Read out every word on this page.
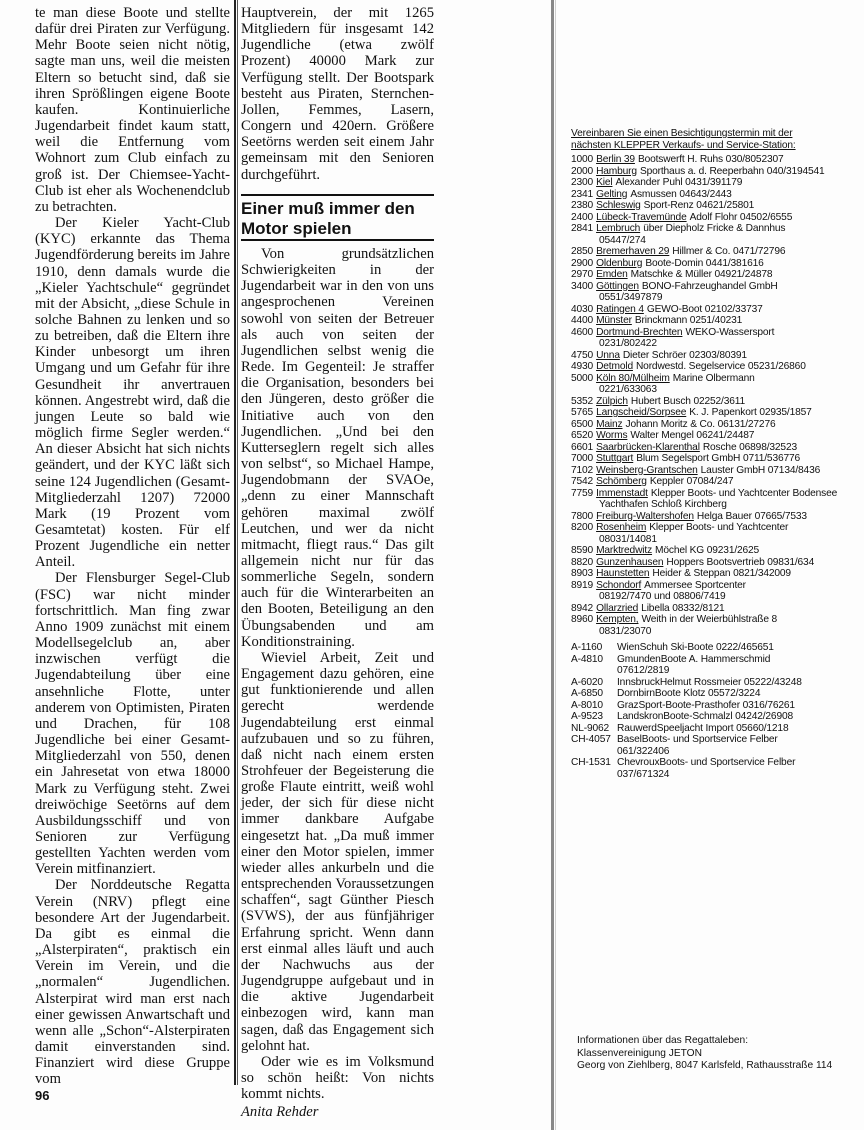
te man diese Boote und stellte dafür drei Piraten zur Verfügung. Mehr Boote seien nicht nötig, sagte man uns, weil die meisten Eltern so betucht sind, daß sie ihren Sprößlingen eigene Boote kaufen. Kontinuierliche Jugendarbeit findet kaum statt, weil die Entfernung vom Wohnort zum Club einfach zu groß ist. Der Chiemsee-Yacht-Club ist eher als Wochenendclub zu betrachten.

Der Kieler Yacht-Club (KYC) erkannte das Thema Jugendförderung bereits im Jahre 1910, denn damals wurde die „Kieler Yachtschule“ gegründet mit der Absicht, „diese Schule in solche Bahnen zu lenken und so zu betreiben, daß die Eltern ihre Kinder unbesorgt um ihren Umgang und um Gefahr für ihre Gesundheit ihr anvertrauen können. Angestrebt wird, daß die jungen Leute so bald wie möglich firme Segler werden.“ An dieser Absicht hat sich nichts geändert, und der KYC läßt sich seine 124 Jugendlichen (Gesamt-Mitgliederzahl 1207) 72000 Mark (19 Prozent vom Gesamtetat) kosten. Für elf Prozent Jugendliche ein netter Anteil.

Der Flensburger Segel-Club (FSC) war nicht minder fortschrittlich. Man fing zwar Anno 1909 zunächst mit einem Modellsegelclub an, aber inzwischen verfügt die Jugendabteilung über eine ansehnliche Flotte, unter anderem von Optimisten, Piraten und Drachen, für 108 Jugendliche bei einer Gesamt-Mitgliederzahl von 550, denen ein Jahresetat von etwa 18000 Mark zu Verfügung steht. Zwei dreiwöchige Seetörns auf dem Ausbildungsschiff und von Senioren zur Verfügung gestellten Yachten werden vom Verein mitfinanziert.

Der Norddeutsche Regatta Verein (NRV) pflegt eine besondere Art der Jugendarbeit. Da gibt es einmal die „Alsterpiraten“, praktisch ein Verein im Verein, und die „normalen“ Jugendlichen. Alsterpirat wird man erst nach einer gewissen Anwartschaft und wenn alle „Schon“-Alsterpiraten damit einverstanden sind. Finanziert wird diese Gruppe vom

Hauptverein, der mit 1265 Mitgliedern für insgesamt 142 Jugendliche (etwa zwölf Prozent) 40000 Mark zur Verfügung stellt. Der Bootspark besteht aus Piraten, Sternchen-Jollen, Femmes, Lasern, Congern und 420ern. Größere Seetörns werden seit einem Jahr gemeinsam mit den Senioren durchgeführt.

Einer muß immer den Motor spielen

Von grundsätzlichen Schwierigkeiten in der Jugendarbeit war in den von uns angesprochenen Vereinen sowohl von seiten der Betreuer als auch von seiten der Jugendlichen selbst wenig die Rede. Im Gegenteil: Je straffer die Organisation, besonders bei den Jüngeren, desto größer die Initiative auch von den Jugendlichen. „Und bei den Kutterseglern regelt sich alles von selbst“, so Michael Hampe, Jugendobmann der SVAOe, „denn zu einer Mannschaft gehören maximal zwölf Leutchen, und wer da nicht mitmacht, fliegt raus.“ Das gilt allgemein nicht nur für das sommerliche Segeln, sondern auch für die Winterarbeiten an den Booten, Beteiligung an den Übungsabenden und am Konditionstraining.

Wieviel Arbeit, Zeit und Engagement dazu gehören, eine gut funktionierende und allen gerecht werdende Jugendabteilung erst einmal aufzubauen und so zu führen, daß nicht nach einem ersten Strohfeuer der Begeisterung die große Flaute eintritt, weiß wohl jeder, der sich für diese nicht immer dankbare Aufgabe eingesetzt hat. „Da muß immer einer den Motor spielen, immer wieder alles ankurbeln und die entsprechenden Voraussetzungen schaffen“, sagt Günther Piesch (SVWS), der aus fünfjähriger Erfahrung spricht. Wenn dann erst einmal alles läuft und auch der Nachwuchs aus der Jugendgruppe aufgebaut und in die aktive Jugendarbeit einbezogen wird, kann man sagen, daß das Engagement sich gelohnt hat.

Oder wie es im Volksmund so schön heißt: Von nichts kommt nichts.

Anita Rehder

96
Vereinbaren Sie einen Besichtigungstermin mit der
nächsten KLEPPER Verkaufs- und Service-Station:
1000 Berlin 39 Bootswerft H. Ruhs 030/8052307
2000 Hamburg Sporthaus a. d. Reeperbahn 040/3194541
2300 Kiel Alexander Puhl 0431/391179
2341 Gelting Asmussen 04643/2443
2380 Schleswig Sport-Renz 04621/25801
2400 Lübeck-Travemünde Adolf Flohr 04502/6555
2841 Lembruch über Diepholz Fricke & Dannhus
05447/274
2850 Bremerhaven 29 Hillmer & Co. 0471/72796
2900 Oldenburg Boote-Domin 0441/381616
2970 Emden Matschke & Müller 04921/24878
3400 Göttingen BONO-Fahrzeughandel GmbH
0551/3497879
4030 Ratingen 4 GEWO-Boot 02102/33737
4400 Münster Brinckmann 0251/40231
4600 Dortmund-Brechten WEKO-Wassersport
0231/802422
4750 Unna Dieter Schröer 02303/80391
4930 Detmold Nordwestd. Segelservice 05231/26860
5000 Köln 80/Mülheim Marine Olbermann
0221/633063
5352 Zülpich Hubert Busch 02252/3611
5765 Langscheid/Sorpsee K. J. Papenkort 02935/1857
6500 Mainz Johann Moritz & Co. 06131/27276
6520 Worms Walter Mengel 06241/24487
6601 Saarbrücken-Klarenthal Rosche 06898/32523
7000 Stuttgart Blum Segelsport GmbH 0711/536776
7102 Weinsberg-Grantschen Lauster GmbH 07134/8436
7542 Schömberg Keppler 07084/247
7759 Immenstadt Klepper Boots- und Yachtcenter Bodensee
Yachthafen Schloß Kirchberg
7800 Freiburg-Waltershofen Helga Bauer 07665/7533
8200 Rosenheim Klepper Boots- und Yachtcenter
08031/14081
8590 Marktredwitz Möchel KG 09231/2625
8820 Gunzenhausen Hoppers Bootsvertrieb 09831/634
8903 Haunstetten Heider & Steppan 0821/342009
8919 Schondorf Ammersee Sportcenter
08192/7470 und 08806/7419
8942 Ollarzried Libella 08332/8121
8960 Kempten, Weith in der Weierbühlstraße 8
0831/23070
A-1160	Wien Schuh Ski-Boote 0222/465651
A-4810	Gmunden Boote A. Hammerschmid
07612/2819
A-6020	Innsbruck Helmut Rossmeier 05222/43248
A-6850	Dornbirn Boote Klotz 05572/3224
A-8010	Graz Sport-Boote-Prasthofer 0316/76261
A-9523	Landskron Boote-Schmalzl 04242/26908
NL-9062 Rauwerd Speeljacht Import 05660/1218
CH-4057 Basel Boots- und Sportservice Felber
061/322406
CH-1531 Chevroux Boots- und Sportservice Felber
037/671324
Informationen über das Regattaleben:
Klassenvereinigung JETON
Georg von Ziehlberg, 8047 Karlsfeld, Rathausstraße 114
